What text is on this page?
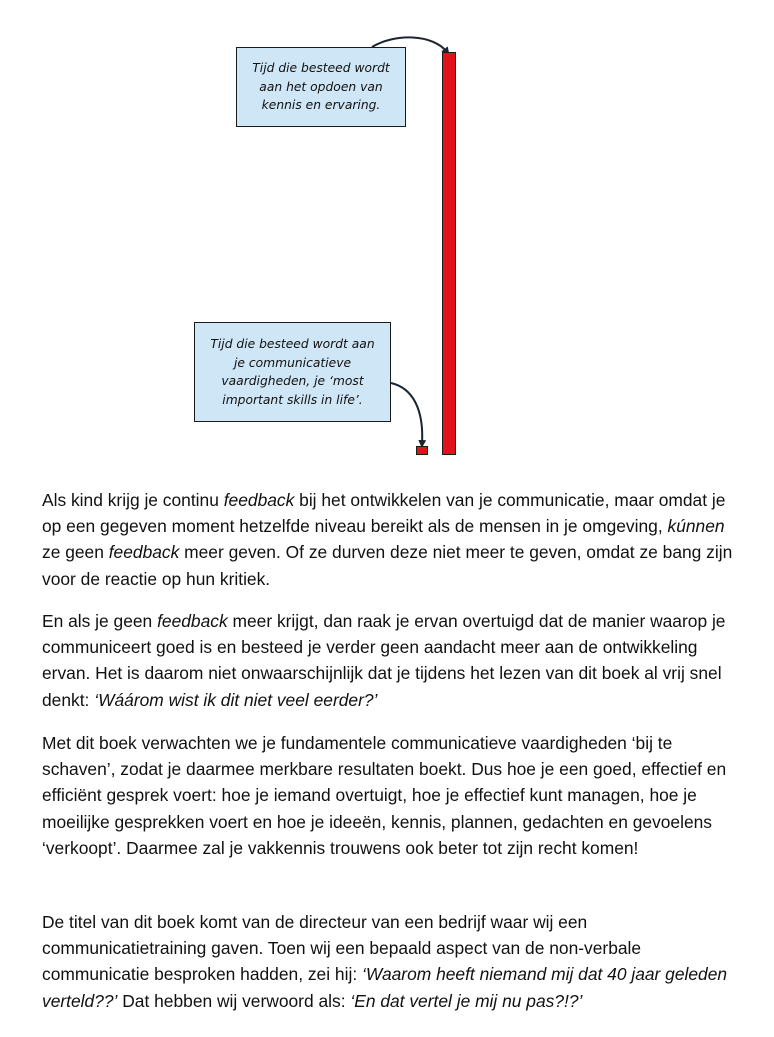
Tijd die besteed wordt
aan het opdoen van
kennis en ervaring.
Tijd die besteed wordt aan
je communicatieve
vaardigheden, je ‘most
important skills in life’.

Als kind krijg je continu feedback bij het ontwikkelen van je communicatie, maar omdat je op een gegeven moment hetzelfde niveau bereikt als de mensen in je omgeving, kúnnen ze geen feedback meer geven. Of ze durven deze niet meer te geven, omdat ze bang zijn voor de reactie op hun kritiek.

En als je geen feedback meer krijgt, dan raak je ervan overtuigd dat de manier waarop je communiceert goed is en besteed je verder geen aandacht meer aan de ontwikkeling ervan. Het is daarom niet onwaarschijnlijk dat je tijdens het lezen van dit boek al vrij snel denkt: ‘Wáárom wist ik dit niet veel eerder?’

Met dit boek verwachten we je fundamentele communicatieve vaardigheden ‘bij te schaven’, zodat je daarmee merkbare resultaten boekt. Dus hoe je een goed, effectief en efficiënt gesprek voert: hoe je iemand overtuigt, hoe je effectief kunt managen, hoe je moeilijke gesprekken voert en hoe je ideeën, kennis, plannen, gedachten en gevoelens ‘verkoopt’. Daarmee zal je vakkennis trouwens ook beter tot zijn recht komen!

De titel van dit boek komt van de directeur van een bedrijf waar wij een communicatietraining gaven. Toen wij een bepaald aspect van de non-verbale communicatie besproken hadden, zei hij: ‘Waarom heeft niemand mij dat 40 jaar geleden verteld??’ Dat hebben wij verwoord als: ‘En dat vertel je mij nu pas?!?’
